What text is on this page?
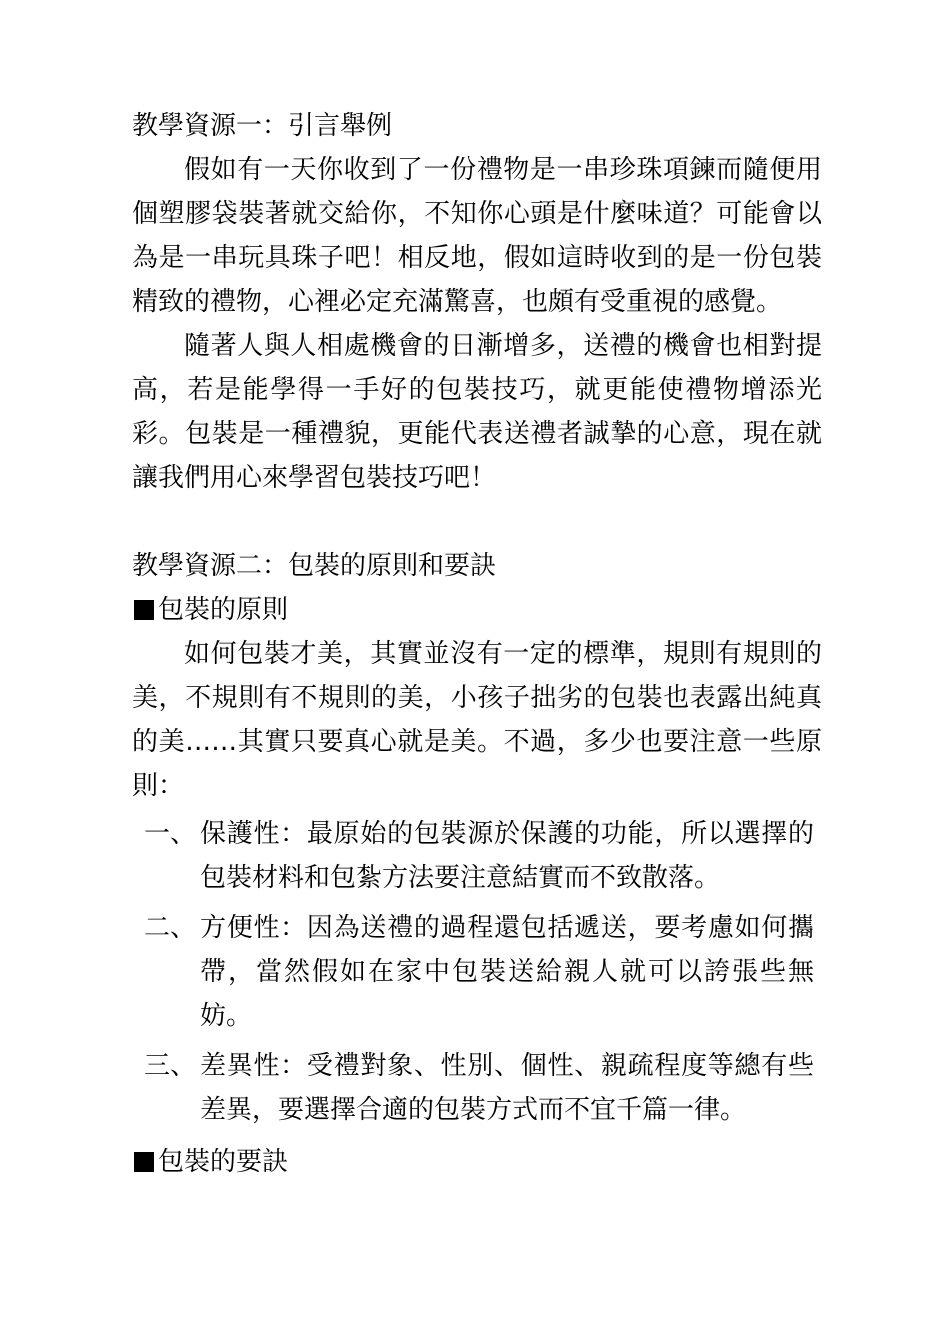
教學資源一：引言舉例

假如有一天你收到了一份禮物是一串珍珠項鍊而隨便用個塑膠袋裝著就交給你，不知你心頭是什麼味道？可能會以為是一串玩具珠子吧！相反地，假如這時收到的是一份包裝精致的禮物，心裡必定充滿驚喜，也頗有受重視的感覺。

隨著人與人相處機會的日漸增多，送禮的機會也相對提高，若是能學得一手好的包裝技巧，就更能使禮物增添光彩。包裝是一種禮貌，更能代表送禮者誠摯的心意，現在就讓我們用心來學習包裝技巧吧！

教學資源二：包裝的原則和要訣
包裝的原則

如何包裝才美，其實並沒有一定的標準，規則有規則的美，不規則有不規則的美，小孩子拙劣的包裝也表露出純真的美……其實只要真心就是美。不過，多少也要注意一些原則：

一、 保護性：最原始的包裝源於保護的功能，所以選擇的包裝材料和包紮方法要注意結實而不致散落。
二、 方便性：因為送禮的過程還包括遞送，要考慮如何攜帶，當然假如在家中包裝送給親人就可以誇張些無妨。
三、 差異性：受禮對象、性別、個性、親疏程度等總有些差異，要選擇合適的包裝方式而不宜千篇一律。
包裝的要訣
